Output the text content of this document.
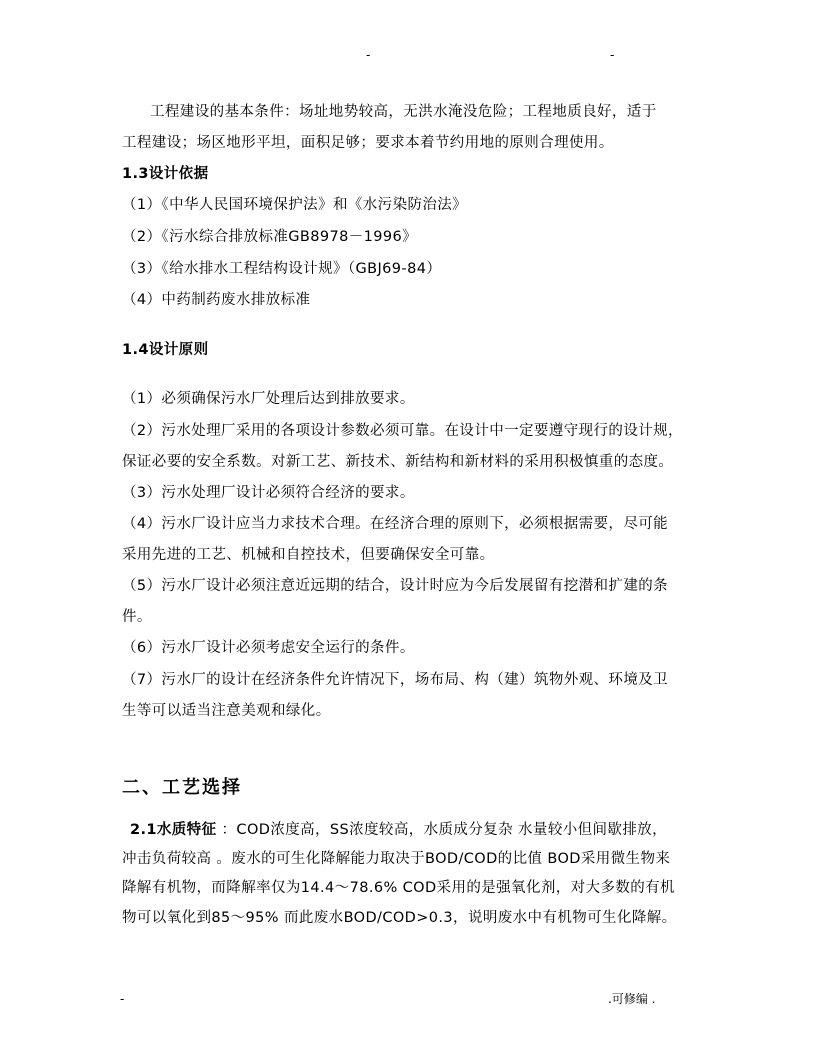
-	-
工程建设的基本条件：场址地势较高，无洪水淹没危险；工程地质良好，适于
工程建设；场区地形平坦，面积足够；要求本着节约用地的原则合理使用。
1.3设计依据
（1）《中华人民国环境保护法》和《水污染防治法》
（2）《污水综合排放标准GB8978－1996》
（3）《给水排水工程结构设计规》（GBJ69-84）
（4）中药制药废水排放标准
1.4设计原则
（1）必须确保污水厂处理后达到排放要求。
（2）污水处理厂采用的各项设计参数必须可靠。在设计中一定要遵守现行的设计规，
保证必要的安全系数。对新工艺、新技术、新结构和新材料的采用积极慎重的态度。
（3）污水处理厂设计必须符合经济的要求。
（4）污水厂设计应当力求技术合理。在经济合理的原则下，必须根据需要，尽可能
采用先进的工艺、机械和自控技术，但要确保安全可靠。
（5）污水厂设计必须注意近远期的结合，设计时应为今后发展留有挖潜和扩建的条
件。
（6）污水厂设计必须考虑安全运行的条件。
（7）污水厂的设计在经济条件允许情况下，场布局、构（建）筑物外观、环境及卫
生等可以适当注意美观和绿化。
二、工艺选择
2.1水质特征 ：COD浓度高，SS浓度较高，水质成分复杂 水量较小但间歇排放，
冲击负荷较高 。废水的可生化降解能力取决于BOD/COD的比值 BOD采用微生物来
降解有机物，而降解率仅为14.4～78.6% COD采用的是强氧化剂，对大多数的有机
物可以氧化到85～95% 而此废水BOD/COD>0.3，说明废水中有机物可生化降解。
-	.可修编 .
